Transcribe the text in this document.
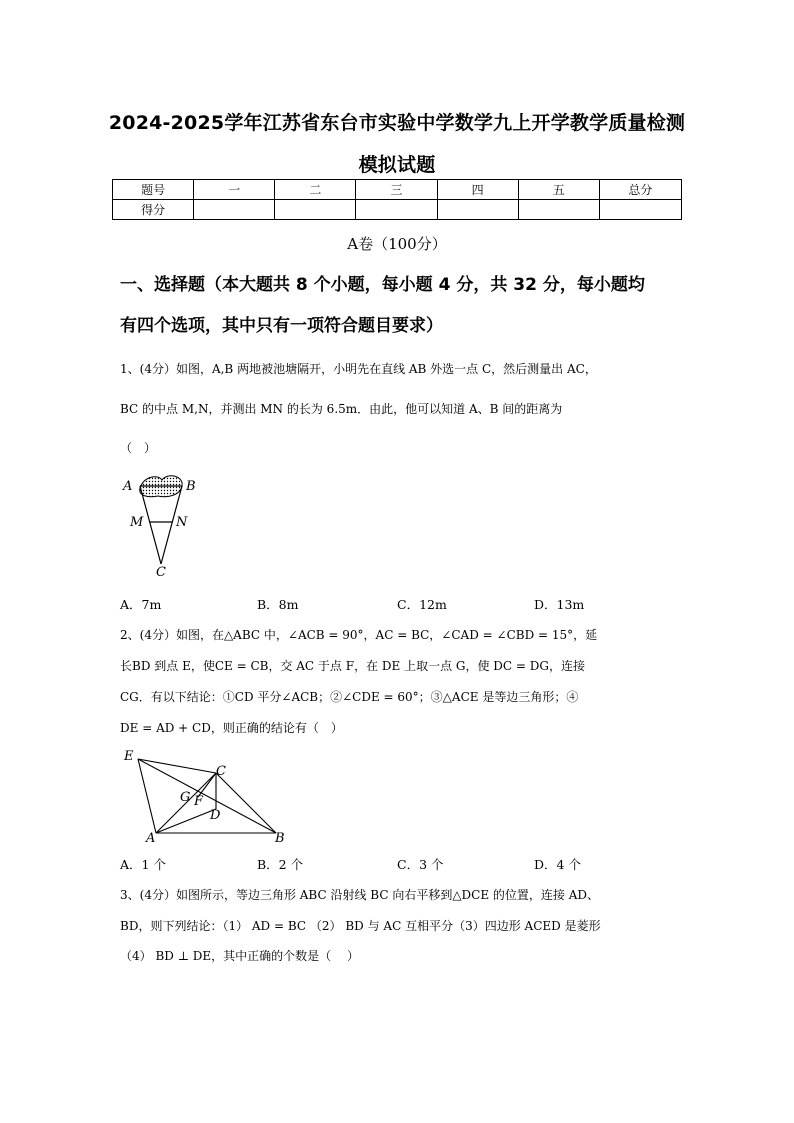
2024-2025学年江苏省东台市实验中学数学九上开学教学质量检测
模拟试题
题号	一	二	三	四	五	总分
得分						
A卷（100分）
一、选择题（本大题共 8 个小题，每小题 4 分，共 32 分，每小题均
有四个选项，其中只有一项符合题目要求）
1、(4分）如图，A,B 两地被池塘隔开，小明先在直线 AB 外选一点 C，然后测量出 AC，
BC 的中点 M,N，并测出 MN 的长为 6.5m．由此，他可以知道 A、B 间的距离为
（　）
A	B
M	N
C
A．7m	B．8m	C．12m	D．13m
2、(4分）如图，在△ABC 中，∠ACB = 90°，AC = BC，∠CAD = ∠CBD = 15°，延
长BD 到点 E，使CE = CB，交 AC 于点 F，在 DE 上取一点 G，使 DC = DG，连接
CG．有以下结论：①CD 平分∠ACB；②∠CDE = 60°；③△ACE 是等边三角形；④
DE = AD + CD，则正确的结论有（　）
E
C
G F
D
A	B
A．1 个	B．2 个	C．3 个	D．4 个
3、(4分）如图所示，等边三角形 ABC 沿射线 BC 向右平移到△DCE 的位置，连接 AD、
BD，则下列结论：（1） AD = BC （2） BD 与 AC 互相平分（3）四边形 ACED 是菱形
（4） BD ⊥ DE，其中正确的个数是（　 ）
